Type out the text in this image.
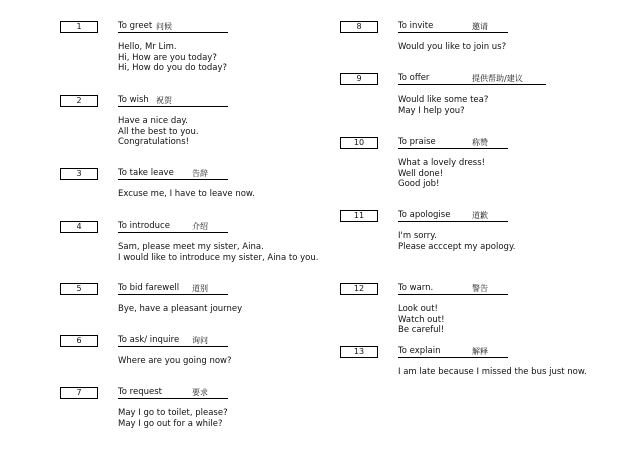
1	To greet 问候
Hello, Mr Lim.
Hi, How are you today?
Hi, How do you do today?
2	To wish 祝贺
Have a nice day.
All the best to you.
Congratulations!
3	To take leave 告辞
Excuse me, I have to leave now.
4	To introduce	介绍
Sam, please meet my sister, Aina.
I would like to introduce my sister, Aina to you.
5	To bid farewell 道别
Bye, have a pleasant journey
6	To ask/ inquire 询问
Where are you going now?
7	To request	要求
May I go to toilet, please?
May I go out for a while?
8	To invite	邀请
Would you like to join us?
9	To offer	提供帮助/建议
Would like some tea?
May I help you?
10	To praise	称赞
What a lovely dress!
Well done!
Good job!
11	To apologise	道歉
I'm sorry.
Please acccept my apology.
12	To warn.	警告
Look out!
Watch out!
Be careful!
13	To explain	解释
I am late because I missed the bus just now.
